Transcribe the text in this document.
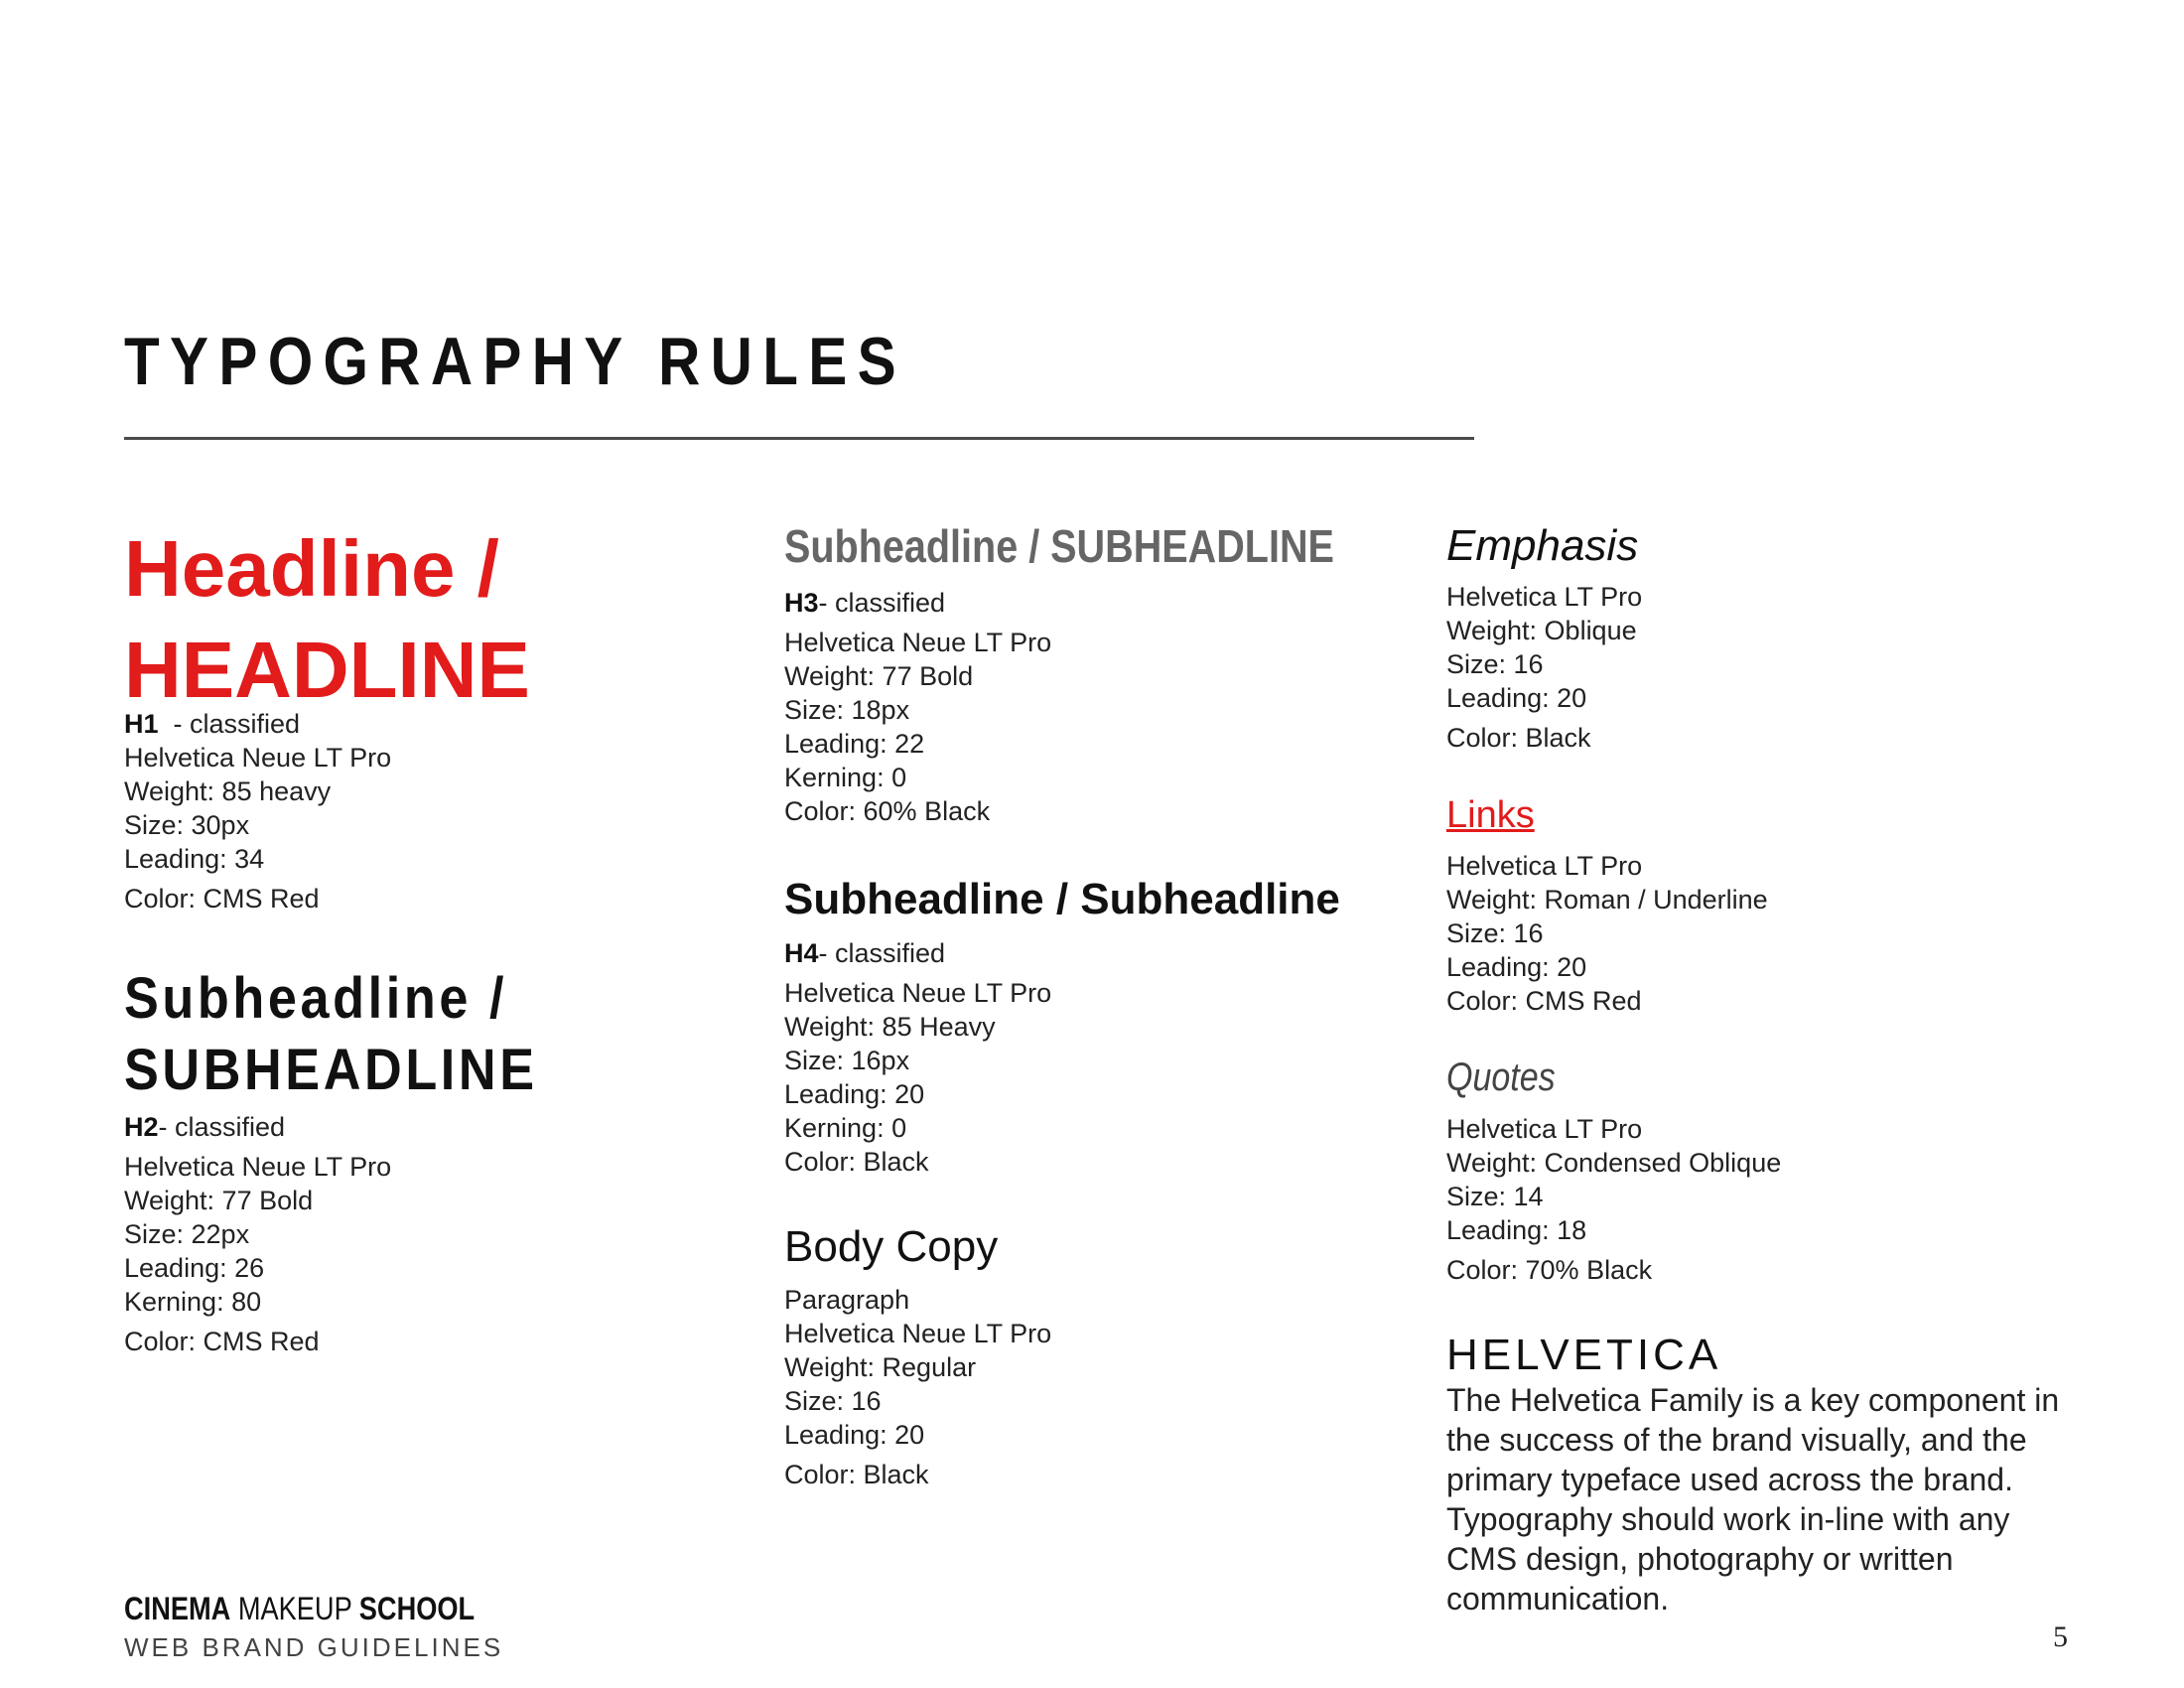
TYPOGRAPHY RULES
Headline /
HEADLINE

H1  - classified

Helvetica Neue LT Pro

Weight: 85 heavy

Size: 30px

Leading: 34

Color: CMS Red

Subheadline /
SUBHEADLINE

H2- classified

Helvetica Neue LT Pro

Weight: 77 Bold

Size: 22px

Leading: 26

Kerning: 80

Color: CMS Red

Subheadline / SUBHEADLINE

H3- classified

Helvetica Neue LT Pro

Weight: 77 Bold

Size: 18px

Leading: 22

Kerning: 0

Color: 60% Black

Subheadline / Subheadline

H4- classified

Helvetica Neue LT Pro

Weight: 85 Heavy

Size: 16px

Leading: 20

Kerning: 0

Color: Black

Body Copy

Paragraph

Helvetica Neue LT Pro

Weight: Regular

Size: 16

Leading: 20

Color: Black

Emphasis

Helvetica LT Pro

Weight: Oblique

Size: 16

Leading: 20

Color: Black

Links

Helvetica LT Pro

Weight: Roman / Underline

Size: 16

Leading: 20

Color: CMS Red

Quotes

Helvetica LT Pro

Weight: Condensed Oblique

Size: 14

Leading: 18

Color: 70% Black

HELVETICA

The Helvetica Family is a key component in the success of the brand visually, and the primary typeface used across the brand. Typography should work in-line with any CMS design, photography or written communication.

CINEMA MAKEUP SCHOOL
WEB BRAND GUIDELINES	5
